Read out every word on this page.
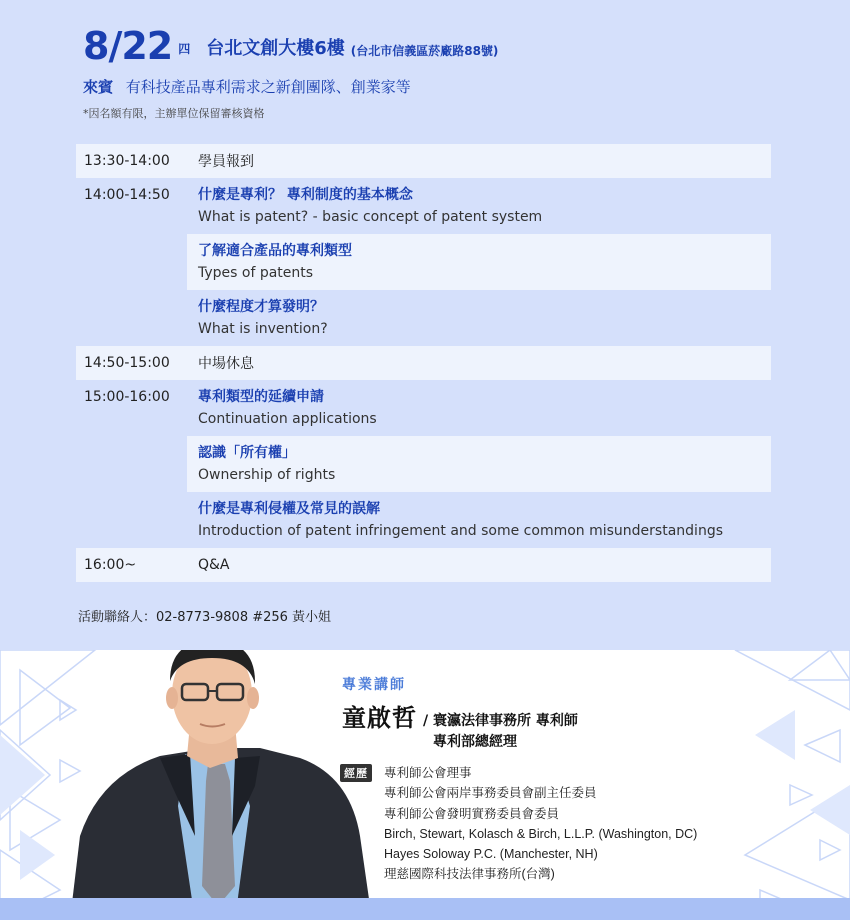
8/22 四 台北文創大樓6樓 (台北市信義區菸廠路88號)
來賓 有科技產品專利需求之新創團隊、創業家等
*因名額有限，主辦單位保留審核資格
13:30-14:00	學員報到
14:00-14:50	什麼是專利？ 專利制度的基本概念
What is patent? - basic concept of patent system
了解適合產品的專利類型
Types of patents
什麼程度才算發明？
What is invention?
14:50-15:00	中場休息
15:00-16:00	專利類型的延續申請
Continuation applications
認識「所有權」
Ownership of rights
什麼是專利侵權及常見的誤解
Introduction of patent infringement and some common misunderstandings
16:00~	Q&A
活動聯絡人：02-8773-9808 #256 黃小姐
專業講師
童啟哲 / 寰瀛法律事務所 專利師
專利部總經理
經歷	專利師公會理事
專利師公會兩岸事務委員會副主任委員
專利師公會發明實務委員會委員
Birch, Stewart, Kolasch & Birch, L.L.P. (Washington, DC)
Hayes Soloway P.C. (Manchester, NH)
理慈國際科技法律事務所(台灣)
